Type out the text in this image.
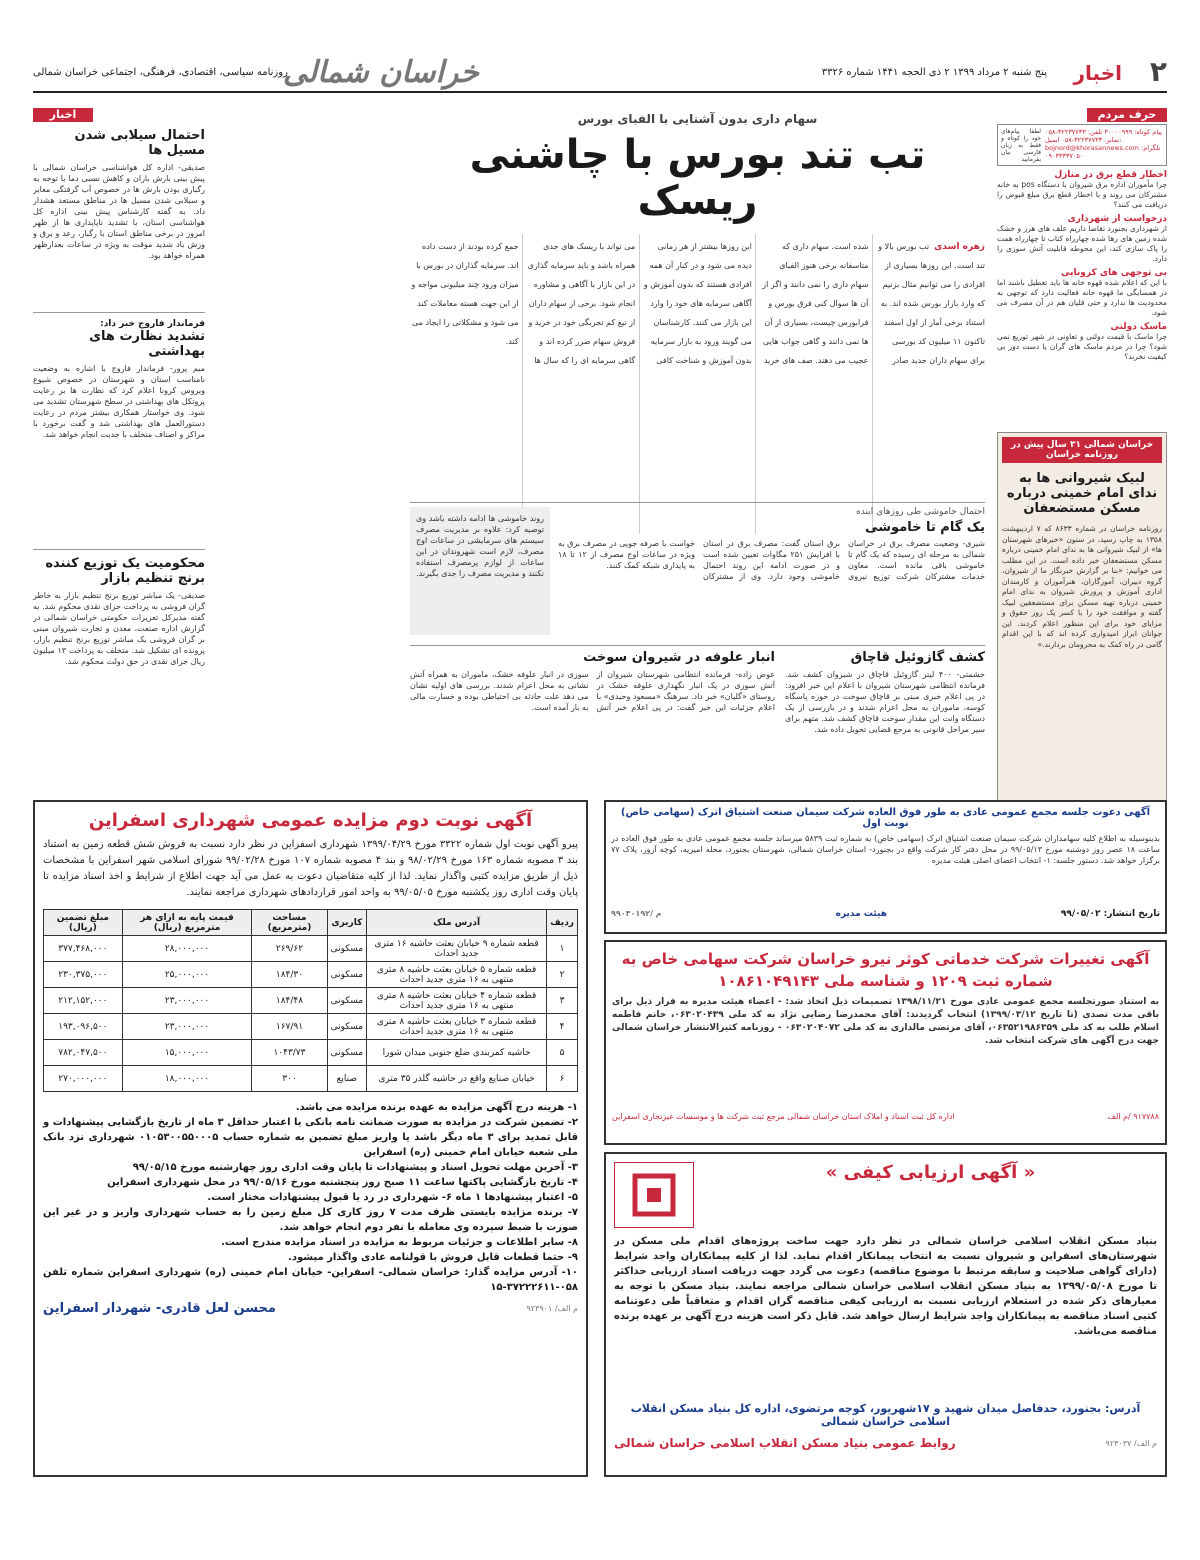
۲
اخبار
پنج شنبه ۲ مرداد ۱۳۹۹ ۲ ذی الحجه ۱۴۴۱ شماره ۳۳۲۶
خراسان شمالی
روزنامه سیاسی، اقتصادی، فرهنگی، اجتماعی خراسان شمالی
حرف مردم
پیام کوتاه: ۳۰۰۰۰۹۹۹ تلفن: ۳۲۲۳۷۷۳۳-۰۵۸ نمابر: ۳۲۲۳۷۷۳۳-۰۵۸ ایمیل: bojnord@khorasannews.com تلگرام: ۰۹۰۳۳۳۳۷۰۵۰
لطفا پیام‌های خود را کوتاه و فقط به زبان فارسی بیان بفرمایید
اخطار قطع برق در منازل
چرا مأموران اداره برق شیروان با دستگاه pos به خانه مشترکان می روند و با اخطار قطع برق مبلغ قبوض را دریافت می کنند؟
درخواست از شهرداری
از شهرداری بجنورد تقاضا داریم علف های هرز و خشک شده زمین های رها شده چهارراه کتاب تا چهارراه همت را پاک سازی کند، این محوطه قابلیت آتش سوزی را دارد.
بی توجهی های کرونایی
با این که اعلام شده قهوه خانه ها باید تعطیل باشند اما در همسایگی ما قهوه خانه فعالیت دارد که توجهی به محدودیت ها ندارد و حتی قلیان هم در آن مصرف می شود.
ماسک دولتی
چرا ماسک با قیمت دولتی و تعاونی در شهر توزیع نمی شود؟ چرا در مردم ماسک های گران یا دست دوز بی کیفیت نخرند؟
خراسان شمالی ۳۱ سال پیش در روزنامه خراسان
لبیک شیروانی ها به ندای امام خمینی درباره مسکن مستضعفان
روزنامه خراسان در شماره ۸۶۳۳ که ۷ اردیبهشت ۱۳۵۸ به چاپ رسید، در ستون «خبرهای شهرستان ها» از لبیک شیروانی ها به ندای امام خمینی درباره مسکن مستضعفان خبر داده است. در این مطلب می خوانیم: «بنا بر گزارش خبرنگار ما از شیروان، گروه دبیران، آموزگاران، هنرآموزان و کارمندان اداری آموزش و پرورش شیروان به ندای امام خمینی درباره تهیه مسکن برای مستضعفین لبیک گفته و موافقت خود را با کسر یک روز حقوق و مزایای خود برای این منظور اعلام کردند. این جوانان ابراز امیدواری کرده اند که با این اقدام گامی در راه کمک به محرومان بردارند.»
سهام داری بدون آشنایی با الفبای بورس
تب تند بورس با چاشنی ریسک
زهره اسدی تب بورس بالا و تند است. این روزها بسیاری از افرادی را می توانیم مثال بزنیم که وارد بازار بورس شده اند. به استناد برخی آمار از اول اسفند تاکنون ۱۱ میلیون کد بورسی برای سهام داران جدید صادر شده است. سهام داری که متاسفانه برخی هنوز الفبای سهام داری را نمی دانند و اگر از آن ها سوال کنی فرق بورس و فرابورس چیست، بسیاری از آن ها نمی دانند و گاهی جواب هایی عجیب می دهند. صف های خرید این روزها بیشتر از هر زمانی دیده می شود و در کنار آن همه افرادی هستند که بدون آموزش و آگاهی سرمایه های خود را وارد این بازار می کنند. کارشناسان می گویند ورود به بازار سرمایه بدون آموزش و شناخت کافی می تواند با ریسک های جدی همراه باشد و باید سرمایه گذاری در این بازار با آگاهی و مشاوره انجام شود. برخی از سهام داران از تیغ کم تجربگی خود در خرید و فروش سهام ضرر کرده اند و گاهی سرمایه ای را که سال ها جمع کرده بودند از دست داده اند. سرمایه گذاران در بورس با میزان ورود چند میلیونی مواجه و از این جهت هسته معاملات کند می شود و مشکلاتی را ایجاد می کند.
اخبار
احتمال سیلابی شدن مسیل ها
صدیقی- اداره کل هواشناسی خراسان شمالی با پیش بینی بارش باران و کاهش نسبی دما با توجه به رگباری بودن بارش ها در خصوص آب گرفتگی معابر و سیلابی شدن مسیل ها در مناطق مستعد هشدار داد. به گفته کارشناس پیش بینی اداره کل هواشناسی استان، با تشدید ناپایداری ها از ظهر امروز در برخی مناطق استان با رگبار، رعد و برق و وزش باد شدید موقت به ویژه در ساعات بعدازظهر همراه خواهد بود.
فرماندار فاروج خبر داد:
تشدید نظارت های بهداشتی
میم پرور- فرماندار فاروج با اشاره به وضعیت نامناسب استان و شهرستان در خصوص شیوع ویروس کرونا اعلام کرد که نظارت ها بر رعایت پروتکل های بهداشتی در سطح شهرستان تشدید می شود. وی خواستار همکاری بیشتر مردم در رعایت دستورالعمل های بهداشتی شد و گفت برخورد با مراکز و اصناف متخلف با جدیت انجام خواهد شد.
محکومیت یک توزیع کننده برنج تنظیم بازار
صدیقی- یک مباشر توزیع برنج تنظیم بازار به خاطر گران فروشی به پرداخت جزای نقدی محکوم شد. به گفته مدیرکل تعزیرات حکومتی خراسان شمالی در گزارش اداره صنعت، معدن و تجارت شیروان مبنی بر گران فروشی یک مباشر توزیع برنج تنظیم بازار، پرونده ای تشکیل شد. متخلف به پرداخت ۱۳ میلیون ریال جزای نقدی در حق دولت محکوم شد.
احتمال خاموشی طی روزهای اینده
یک گام تا خاموشی
شیری- وضعیت مصرف برق در خراسان شمالی به مرحله ای رسیده که یک گام تا خاموشی باقی مانده است. معاون خدمات مشترکان شرکت توزیع نیروی برق استان گفت: مصرف برق در استان با افزایش ۲۵۱ مگاوات تعیین شده است و در صورت ادامه این روند احتمال خاموشی وجود دارد. وی از مشترکان خواست با صرفه جویی در مصرف برق به ویژه در ساعات اوج مصرف از ۱۲ تا ۱۸ به پایداری شبکه کمک کنند.
روند خاموشی ها ادامه داشته باشد وی توصیه کرد: علاوه بر مدیریت مصرف سیستم های سرمایشی در ساعات اوج مصرف، لازم است شهروندان در این ساعات از لوازم پرمصرف استفاده نکنند و مدیریت مصرف را جدی بگیرند.
کشف گازوئیل قاچاق
حشمتی- ۴۰۰ لیتر گازوئیل قاچاق در شیروان کشف شد. فرمانده انتظامی شهرستان شیروان با اعلام این خبر افزود: در پی اعلام خبری مبنی بر قاچاق سوخت در حوزه پاسگاه کوسه، ماموران به محل اعزام شدند و در بازرسی از یک دستگاه وانت این مقدار سوخت قاچاق کشف شد. متهم برای سیر مراحل قانونی به مرجع قضایی تحویل داده شد.
انبار علوفه در شیروان سوخت
عوض زاده- فرمانده انتظامی شهرستان شیروان از آتش سوزی در یک انبار نگهداری علوفه خشک در روستای «گلیان» خبر داد. سرهنگ «مسعود وحیدی» با اعلام جزئیات این خبر گفت: در پی اعلام خبر آتش سوزی در انبار علوفه خشک، ماموران به همراه آتش نشانی به محل اعزام شدند. بررسی های اولیه نشان می دهد علت حادثه بی احتیاطی بوده و خسارت مالی به بار آمده است.
آگهی دعوت جلسه مجمع عمومی عادی به طور فوق العاده شرکت سیمان صنعت اشتیاق اترک (سهامی خاص) نوبت اول
بدینوسیله به اطلاع کلیه سهامداران شرکت سیمان صنعت اشتیاق اترک (سهامی خاص) به شماره ثبت ۵۸۳۹ میرساند جلسه مجمع عمومی عادی به طور فوق العاده در ساعت ۱۸ عصر روز دوشنبه مورخ ۹۹/۰۵/۱۳ در محل دفتر کار شرکت واقع در بجنورد- استان خراسان شمالی، شهرستان بجنورد، محله امیریه، کوچه آزور، پلاک ۷۷ برگزار خواهد شد. دستور جلسه: ۱- انتخاب اعضای اصلی هیئت مدیره
تاریخ انتشار: ۹۹/۰۵/۰۲
هیئت مدیره
۹۹۰۳۰۱۹۲/ م
آگهی تغییرات شرکت خدماتی کوثر نیرو خراسان شرکت سهامی خاص به شماره ثبت ۱۲۰۹ و شناسه ملی ۱۰۸۶۱۰۴۹۱۴۳
به استناد صورتجلسه مجمع عمومی عادی مورخ ۱۳۹۸/۱۱/۲۱ تصمیمات ذیل اتخاذ شد: - اعضاء هیئت مدیره به قرار ذیل برای باقی مدت تصدی (تا تاریخ ۱۳۹۹/۰۳/۱۲) انتخاب گردیدند: آقای محمدرضا رضایی نژاد به کد ملی ۰۶۳۰۲۰۴۳۹، خانم فاطمه اسلام طلب به کد ملی ۰۶۳۵۲۱۹۸۶۳۵۹، آقای مرتضی مالداری به کد ملی ۰۶۳۰۲۰۴۰۷۲ - روزنامه کثیرالانتشار خراسان شمالی جهت درج آگهی های شرکت انتخاب شد.
۹۱۷۷۸۸ /م الف
اداره کل ثبت اسناد و املاک استان خراسان شمالی مرجع ثبت شرکت ها و موسسات غیرتجاری اسفراین
« آگهی ارزیابی کیفی »
بنیاد مسکن انقلاب اسلامی خراسان شمالی در نظر دارد جهت ساخت پروژه‌های اقدام ملی مسکن در شهرستان‌های اسفراین و شیروان نسبت به انتخاب پیمانکار اقدام نماید. لذا از کلیه پیمانکاران واجد شرایط (دارای گواهی صلاحیت و سابقه مرتبط با موضوع مناقصه) دعوت می گردد جهت دریافت اسناد ارزیابی حداکثر تا مورخ ۱۳۹۹/۰۵/۰۸ به بنیاد مسکن انقلاب اسلامی خراسان شمالی مراجعه نمایند. بنیاد مسکن با توجه به معیارهای ذکر شده در استعلام ارزیابی نسبت به ارزیابی کیفی مناقصه گران اقدام و متعاقباً طی دعوتنامه کتبی اسناد مناقصه به پیمانکاران واجد شرایط ارسال خواهد شد. قابل ذکر است هزینه درج آگهی بر عهده برنده مناقصه می‌باشد.
آدرس: بجنورد، حدفاصل میدان شهید و ۱۷شهریور، کوچه مرتضوی، اداره کل بنیاد مسکن انقلاب اسلامی خراسان شمالی
۹۲۴۰۳۷ /م الف
روابط عمومی بنیاد مسکن انقلاب اسلامی خراسان شمالی
آگهی نوبت دوم مزایده عمومی شهرداری اسفراین
پیرو آگهی نوبت اول شماره ۳۳۲۲ مورخ ۱۳۹۹/۰۴/۲۹ شهرداری اسفراین در نظر دارد نسبت به فروش شش قطعه زمین به استناد بند ۳ مصوبه شماره ۱۶۳ مورخ ۹۸/۰۲/۲۹ و بند ۴ مصوبه شماره ۱۰۷ مورخ ۹۹/۰۲/۲۸ شورای اسلامی شهر اسفراین با مشخصات ذیل از طریق مزایده کتبی واگذار نماید. لذا از کلیه متقاضیان دعوت به عمل می آید جهت اطلاع از شرایط و اخذ اسناد مزایده تا پایان وقت اداری روز یکشنبه مورخ ۹۹/۰۵/۰۵ به واحد امور قراردادهای شهرداری مراجعه نمایند.
ردیف	آدرس ملک	کاربری	مساحت (مترمربع)	قیمت پایه به ازای هر مترمربع (ریال)	مبلغ تضمین (ریال)
۱	قطعه شماره ۹ خیابان بعثت حاشیه ۱۶ متری جدید احداث	مسکونی	۲۶۹/۶۲	۲۸,۰۰۰,۰۰۰	۳۷۷,۴۶۸,۰۰۰
۲	قطعه شماره ۵ خیابان بعثت حاشیه ۸ متری منتهی به ۱۶ متری جدید احداث	مسکونی	۱۸۴/۳۰	۲۵,۰۰۰,۰۰۰	۲۳۰,۳۷۵,۰۰۰
۳	قطعه شماره ۴ خیابان بعثت حاشیه ۸ متری منتهی به ۱۶ متری جدید احداث	مسکونی	۱۸۴/۴۸	۲۳,۰۰۰,۰۰۰	۲۱۲,۱۵۲,۰۰۰
۴	قطعه شماره ۳ خیابان بعثت حاشیه ۸ متری منتهی به ۱۶ متری جدید احداث	مسکونی	۱۶۷/۹۱	۲۳,۰۰۰,۰۰۰	۱۹۳,۰۹۶,۵۰۰
۵	حاشیه کمربندی ضلع جنوبی میدان شورا	مسکونی	۱۰۴۳/۷۳	۱۵,۰۰۰,۰۰۰	۷۸۲,۰۴۷,۵۰۰
۶	خیابان صنایع واقع در حاشیه گلذر ۳۵ متری	صنایع	۳۰۰	۱۸,۰۰۰,۰۰۰	۲۷۰,۰۰۰,۰۰۰
۱- هزینه درج آگهی مزایده به عهده برنده مزایده می باشد.
۲- تضمین شرکت در مزایده به صورت ضمانت نامه بانکی یا اعتبار حداقل ۳ ماه از تاریخ بازگشایی پیشنهادات و قابل تمدید برای ۳ ماه دیگر باشد یا واریز مبلغ تضمین به شماره حساب ۰۱۰۵۳۰۰۵۵۰۰۰۵ شهرداری نزد بانک ملی شعبه خیابان امام خمینی (ره) اسفراین
۳- آخرین مهلت تحویل اسناد و پیشنهادات تا پایان وقت اداری روز چهارشنبه مورخ ۹۹/۰۵/۱۵
۴- تاریخ بازگشایی پاکتها ساعت ۱۱ صبح روز پنجشنبه مورخ ۹۹/۰۵/۱۶ در محل شهرداری اسفراین
۵- اعتبار پیشنهادها ۱ ماه ۶- شهرداری در رد یا قبول پیشنهادات مختار است.
۷- برنده مزایده بایستی ظرف مدت ۷ روز کاری کل مبلغ زمین را به حساب شهرداری واریز و در غیر این صورت با ضبط سپرده وی معامله با نفر دوم انجام خواهد شد.
۸- سایر اطلاعات و جزئیات مربوط به مزایده در اسناد مزایده مندرج است.
۹- حتما قطعات قابل فروش با قولنامه عادی واگذار میشود.
۱۰- آدرس مزایده گذار: خراسان شمالی- اسفراین- خیابان امام خمینی (ره) شهرداری اسفراین شماره تلفن ۰۵۸-۳۷۲۲۲۶۱۱-۱۵
م الف/ ۹۲۳۹۰۱
محسن لعل قادری- شهردار اسفراین
